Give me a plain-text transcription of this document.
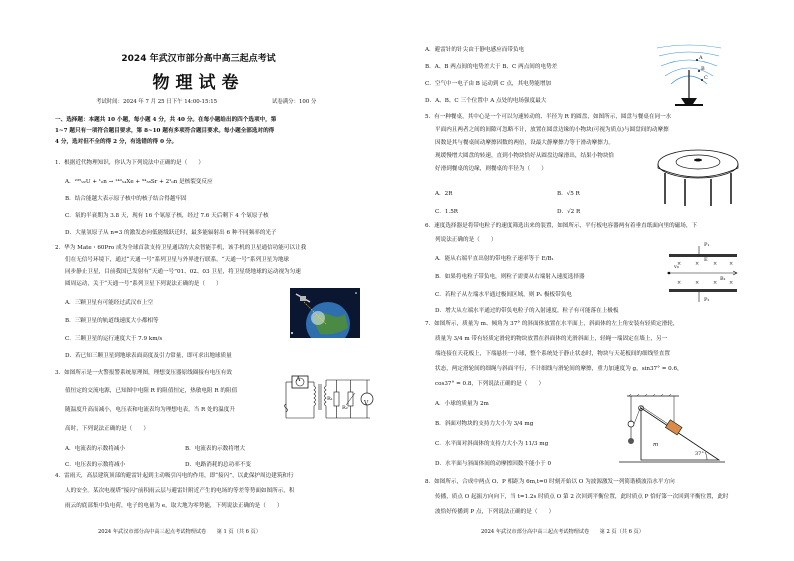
2024 年武汉市部分高中高三起点考试
物理试卷
考试时间：2024 年 7 月 25 日下午 14:00-15:15	试卷满分：100 分
一、选择题：本题共 10 小题，每小题 4 分，共 40 分。在每小题给出的四个选项中，第
1~7 题只有一项符合题目要求，第 8~10 题有多项符合题目要求。每小题全部选对的得
4 分，选对但不全的得 2 分，有选错的得 0 分。
1．根据近代物理知识，你认为下列说法中正确的是（　　）
A．²³⁵₉₂U + ¹₀n → ¹⁴⁰₅₄Xe + ⁹⁴₃₈Sr + 2¹₀n 是核裂变反应
B．结合能越大表示原子核中的核子结合得越牢固
C．氡的半衰期为 3.8 天，现有 16 个氡原子核，经过 7.6 天后剩下 4 个氡原子核
D．大量氢原子从 n=3 的激发态向低能级跃迁时，最多能辐射出 6 种不同频率的光子
2．华为 Mate・60Pro 成为全球首款支持卫星通话的大众智能手机，该手机的卫星通信功能可以让我
们在无信号环境下，通过“天通一号”系列卫星与外界进行联系。“天通一号”系列卫星为地球
同步静止卫星，目前我国已发射有“天通一号”01、02、03 卫星，将卫星绕地球的运动视为匀速
圆周运动，关于“天通一号”系列卫星下列说法正确的是（　　）
A．三颗卫星有可能经过武汉市上空
B．三颗卫星的轨道线速度大小都相等
C．三颗卫星的运行速度大于 7.9 km/s
D．若已知三颗卫星到地球表面高度及引力常量，即可求出地球质量
3．如图所示是一火警报警系统原理图，理想变压器原线圈接有电压有效
值恒定的交流电源，已知图中电阻 R 的阻值恒定，热敏电阻 R 的阻值
随温度升高而减小，电压表和电流表均为理想电表，当 R 处的温度升
高时，下列说法正确的是（　　）
A．电流表的示数将减小	B．电流表的示数将增大
C．电压表的示数将减小	D．电路消耗的总功率不变
A
V
R₁
R₂
4．雷雨天，高层建筑顶部的避雷针起到主动吸引闪电的作用，即“接闪”，以此保护周边建筑和行
人的安全。某次电视塔“接闪”前积雨云层与避雷针附近产生的电场的等差等势面如图所示，积
雨云的底部集中负电荷，电子的电量为 e，取大地为零势能，下列说法正确的是（　　）
2024 年武汉市部分高中高三起点考试物理试卷　　第 1 页（共 6 页）
A．避雷针的针尖由于静电感应而带负电
B．A、B 两点间的电势差大于 B、C 两点间的电势差
C．空气中一电子由 B 运动到 C 点，其电势能增加
D．A、B、C 三个位置中 A 点处的电场强度最大
A
B
C
5．有一种餐桌，其中心是一个可以匀速转动的、半径为 R 的圆盘，如图所示，圆盘与餐桌在同一水
平面内且两者之间的间隙可忽略不计，放置在圆盘边缘的小物块(可视为质点)与圆盘间的动摩擦
因数是其与餐桌间动摩擦因数的两倍，设最大静摩擦力等于滑动摩擦力。
现缓慢增大圆盘的转速，直到小物块恰好从圆盘边缘滑出，结果小物块恰
好滑到餐桌的边缘，则餐桌的半径为（　　）
A．2R	B．√5 R
C．1.5R	D．√2 R
6．速度选择器是将带电粒子的速度筛选出来的装置，如图所示，平行板电容器两有着垂直纸面向里的磁场，下
列说法正确的是（　　）
A．能从右端平直出射的带电粒子速率等于 E/B₁
B．如果将电粒子带负电，则粒子需要从右端射入速度选择器
C．若粒子从左端水平通过极间区域，则 P₁ 极板带负电
D．增大从左端水平通过的带负电粒子的入射速度，粒子有可能落在上极板
×	×	× ×
×	×	× ×
P₁
P₂
v₀
E
B₁
7．如图所示，质量为 m、倾角为 37° 的斜面体放置在水平面上，斜面体的左上角安装有轻质定滑轮，
质量为 3/4 m 带有轻质定滑轮的物块放置在斜面体的光滑斜面上，轻绳一端固定在墙上，另一
端连接在天花板上，下端悬挂一小球，整个系统处于静止状态时，物块与天花板间的细线竖直置
状态，两定滑轮间的细绳与斜面平行，不计细线与滑轮间的摩擦，重力加速度为 g，sin37° = 0.6，
cos37° = 0.8，下列说法正确的是（　　）
A．小球的质量为 2m
B．斜面对物块的支持力大小为 3/4 mg
C．水平面对斜面体的支持力大小为 11/3 mg
D．水平面与斜面体间的动摩擦因数不能小于 0
m
37°
8．如图所示，合成中两点 O、P 相距为 6m,t=0 时刻开始以 O 为波源激发一列简谐横波沿水平方向
传播，质点 O 起振方向向下，当 t=1.2s 时质点 O 第 2 次回到平衡位置，此时质点 P 恰好第一次回到平衡位置，此时
波恰好传播到 P 点，下列说法正确的是（　　）
2024 年武汉市部分高中高三起点考试物理试卷　　第 2 页（共 6 页）
